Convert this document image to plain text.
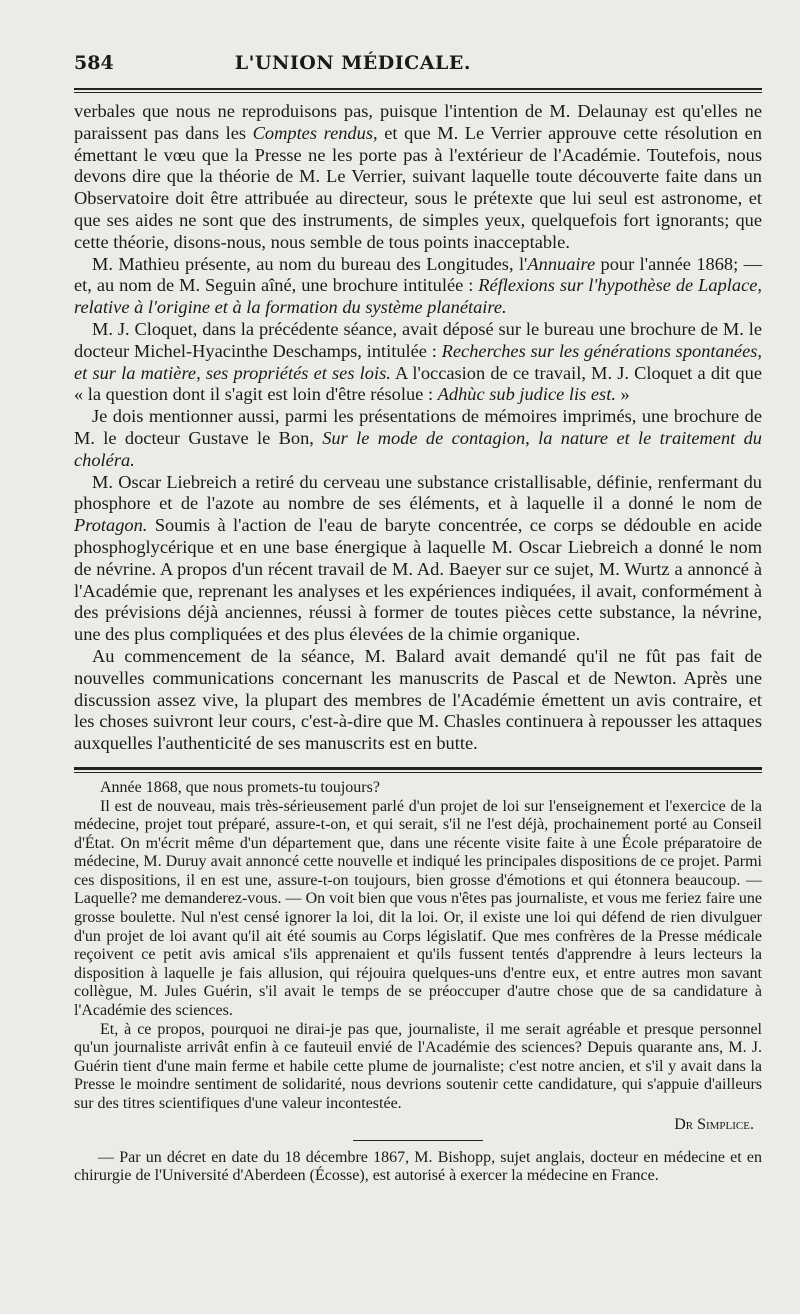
584	L'UNION MÉDICALE.

verbales que nous ne reproduisons pas, puisque l'intention de M. Delaunay est qu'elles ne paraissent pas dans les Comptes rendus, et que M. Le Verrier approuve cette résolution en émettant le vœu que la Presse ne les porte pas à l'extérieur de l'Académie. Toutefois, nous devons dire que la théorie de M. Le Verrier, suivant laquelle toute découverte faite dans un Observatoire doit être attribuée au directeur, sous le prétexte que lui seul est astronome, et que ses aides ne sont que des instruments, de simples yeux, quelquefois fort ignorants; que cette théorie, disons-nous, nous semble de tous points inacceptable.

M. Mathieu présente, au nom du bureau des Longitudes, l'Annuaire pour l'année 1868; — et, au nom de M. Seguin aîné, une brochure intitulée : Réflexions sur l'hypothèse de Laplace, relative à l'origine et à la formation du système planétaire.

M. J. Cloquet, dans la précédente séance, avait déposé sur le bureau une brochure de M. le docteur Michel-Hyacinthe Deschamps, intitulée : Recherches sur les générations spontanées, et sur la matière, ses propriétés et ses lois. A l'occasion de ce travail, M. J. Cloquet a dit que « la question dont il s'agit est loin d'être résolue : Adhùc sub judice lis est. »

Je dois mentionner aussi, parmi les présentations de mémoires imprimés, une brochure de M. le docteur Gustave le Bon, Sur le mode de contagion, la nature et le traitement du choléra.

M. Oscar Liebreich a retiré du cerveau une substance cristallisable, définie, renfermant du phosphore et de l'azote au nombre de ses éléments, et à laquelle il a donné le nom de Protagon. Soumis à l'action de l'eau de baryte concentrée, ce corps se dédouble en acide phosphoglycérique et en une base énergique à laquelle M. Oscar Liebreich a donné le nom de névrine. A propos d'un récent travail de M. Ad. Baeyer sur ce sujet, M. Wurtz a annoncé à l'Académie que, reprenant les analyses et les expériences indiquées, il avait, conformément à des prévisions déjà anciennes, réussi à former de toutes pièces cette substance, la névrine, une des plus compliquées et des plus élevées de la chimie organique.

Au commencement de la séance, M. Balard avait demandé qu'il ne fût pas fait de nouvelles communications concernant les manuscrits de Pascal et de Newton. Après une discussion assez vive, la plupart des membres de l'Académie émettent un avis contraire, et les choses suivront leur cours, c'est-à-dire que M. Chasles continuera à repousser les attaques auxquelles l'authenticité de ses manuscrits est en butte.

Année 1868, que nous promets-tu toujours?

Il est de nouveau, mais très-sérieusement parlé d'un projet de loi sur l'enseignement et l'exercice de la médecine, projet tout préparé, assure-t-on, et qui serait, s'il ne l'est déjà, prochainement porté au Conseil d'État. On m'écrit même d'un département que, dans une récente visite faite à une École préparatoire de médecine, M. Duruy avait annoncé cette nouvelle et indiqué les principales dispositions de ce projet. Parmi ces dispositions, il en est une, assure-t-on toujours, bien grosse d'émotions et qui étonnera beaucoup. — Laquelle? me demanderez-vous. — On voit bien que vous n'êtes pas journaliste, et vous me feriez faire une grosse boulette. Nul n'est censé ignorer la loi, dit la loi. Or, il existe une loi qui défend de rien divulguer d'un projet de loi avant qu'il ait été soumis au Corps législatif. Que mes confrères de la Presse médicale reçoivent ce petit avis amical s'ils apprenaient et qu'ils fussent tentés d'apprendre à leurs lecteurs la disposition à laquelle je fais allusion, qui réjouira quelques-uns d'entre eux, et entre autres mon savant collègue, M. Jules Guérin, s'il avait le temps de se préoccuper d'autre chose que de sa candidature à l'Académie des sciences.

Et, à ce propos, pourquoi ne dirai-je pas que, journaliste, il me serait agréable et presque personnel qu'un journaliste arrivât enfin à ce fauteuil envié de l'Académie des sciences? Depuis quarante ans, M. J. Guérin tient d'une main ferme et habile cette plume de journaliste; c'est notre ancien, et s'il y avait dans la Presse le moindre sentiment de solidarité, nous devrions soutenir cette candidature, qui s'appuie d'ailleurs sur des titres scientifiques d'une valeur incontestée.

Dr Simplice.

— Par un décret en date du 18 décembre 1867, M. Bishopp, sujet anglais, docteur en médecine et en chirurgie de l'Université d'Aberdeen (Écosse), est autorisé à exercer la médecine en France.
